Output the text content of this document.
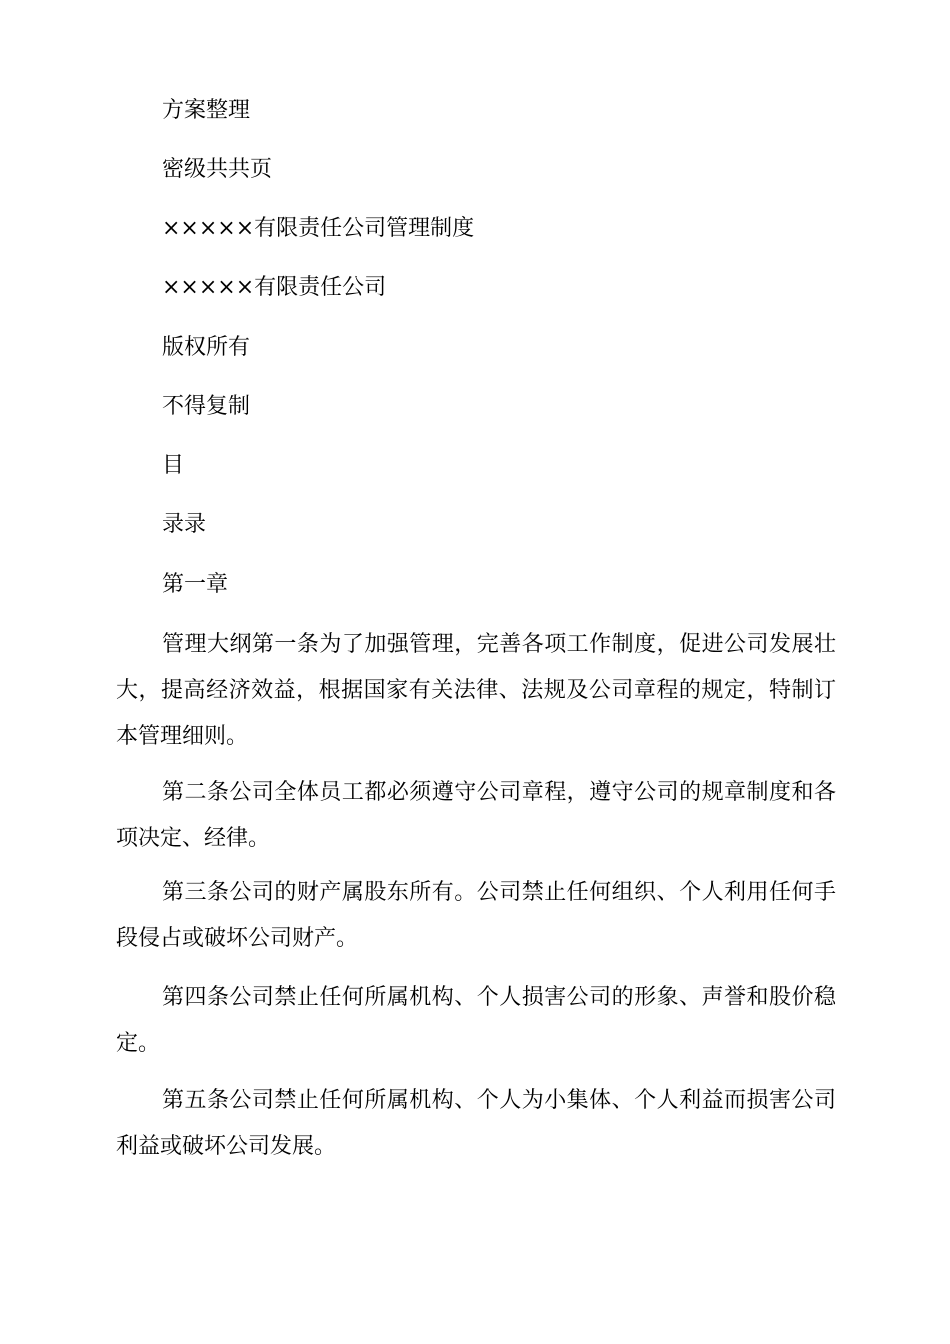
方案整理

密级共共页

×××××有限责任公司管理制度

×××××有限责任公司

版权所有

不得复制

目

录录

第一章

管理大纲第一条为了加强管理，完善各项工作制度，促进公司发展壮大，提高经济效益，根据国家有关法律、法规及公司章程的规定，特制订本管理细则。

第二条公司全体员工都必须遵守公司章程，遵守公司的规章制度和各项决定、经律。

第三条公司的财产属股东所有。公司禁止任何组织、个人利用任何手段侵占或破坏公司财产。

第四条公司禁止任何所属机构、个人损害公司的形象、声誉和股价稳定。

第五条公司禁止任何所属机构、个人为小集体、个人利益而损害公司利益或破坏公司发展。
